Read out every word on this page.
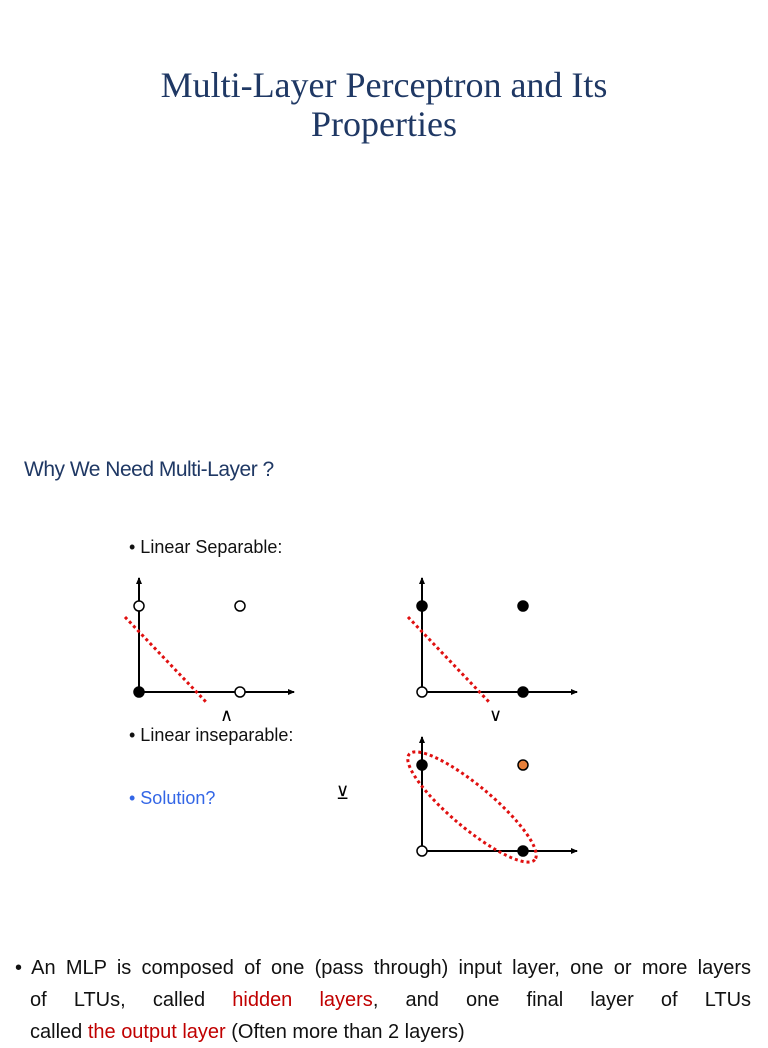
Multi-Layer Perceptron and Its
Properties
Why We Need Multi-Layer ?
• Linear Separable:
• Linear inseparable:
• Solution?
∧	∨
⊻
• An MLP is composed of one (pass through) input layer, one or more layers
of LTUs, called hidden layers, and one final layer of LTUs
called the output layer (Often more than 2 layers)
